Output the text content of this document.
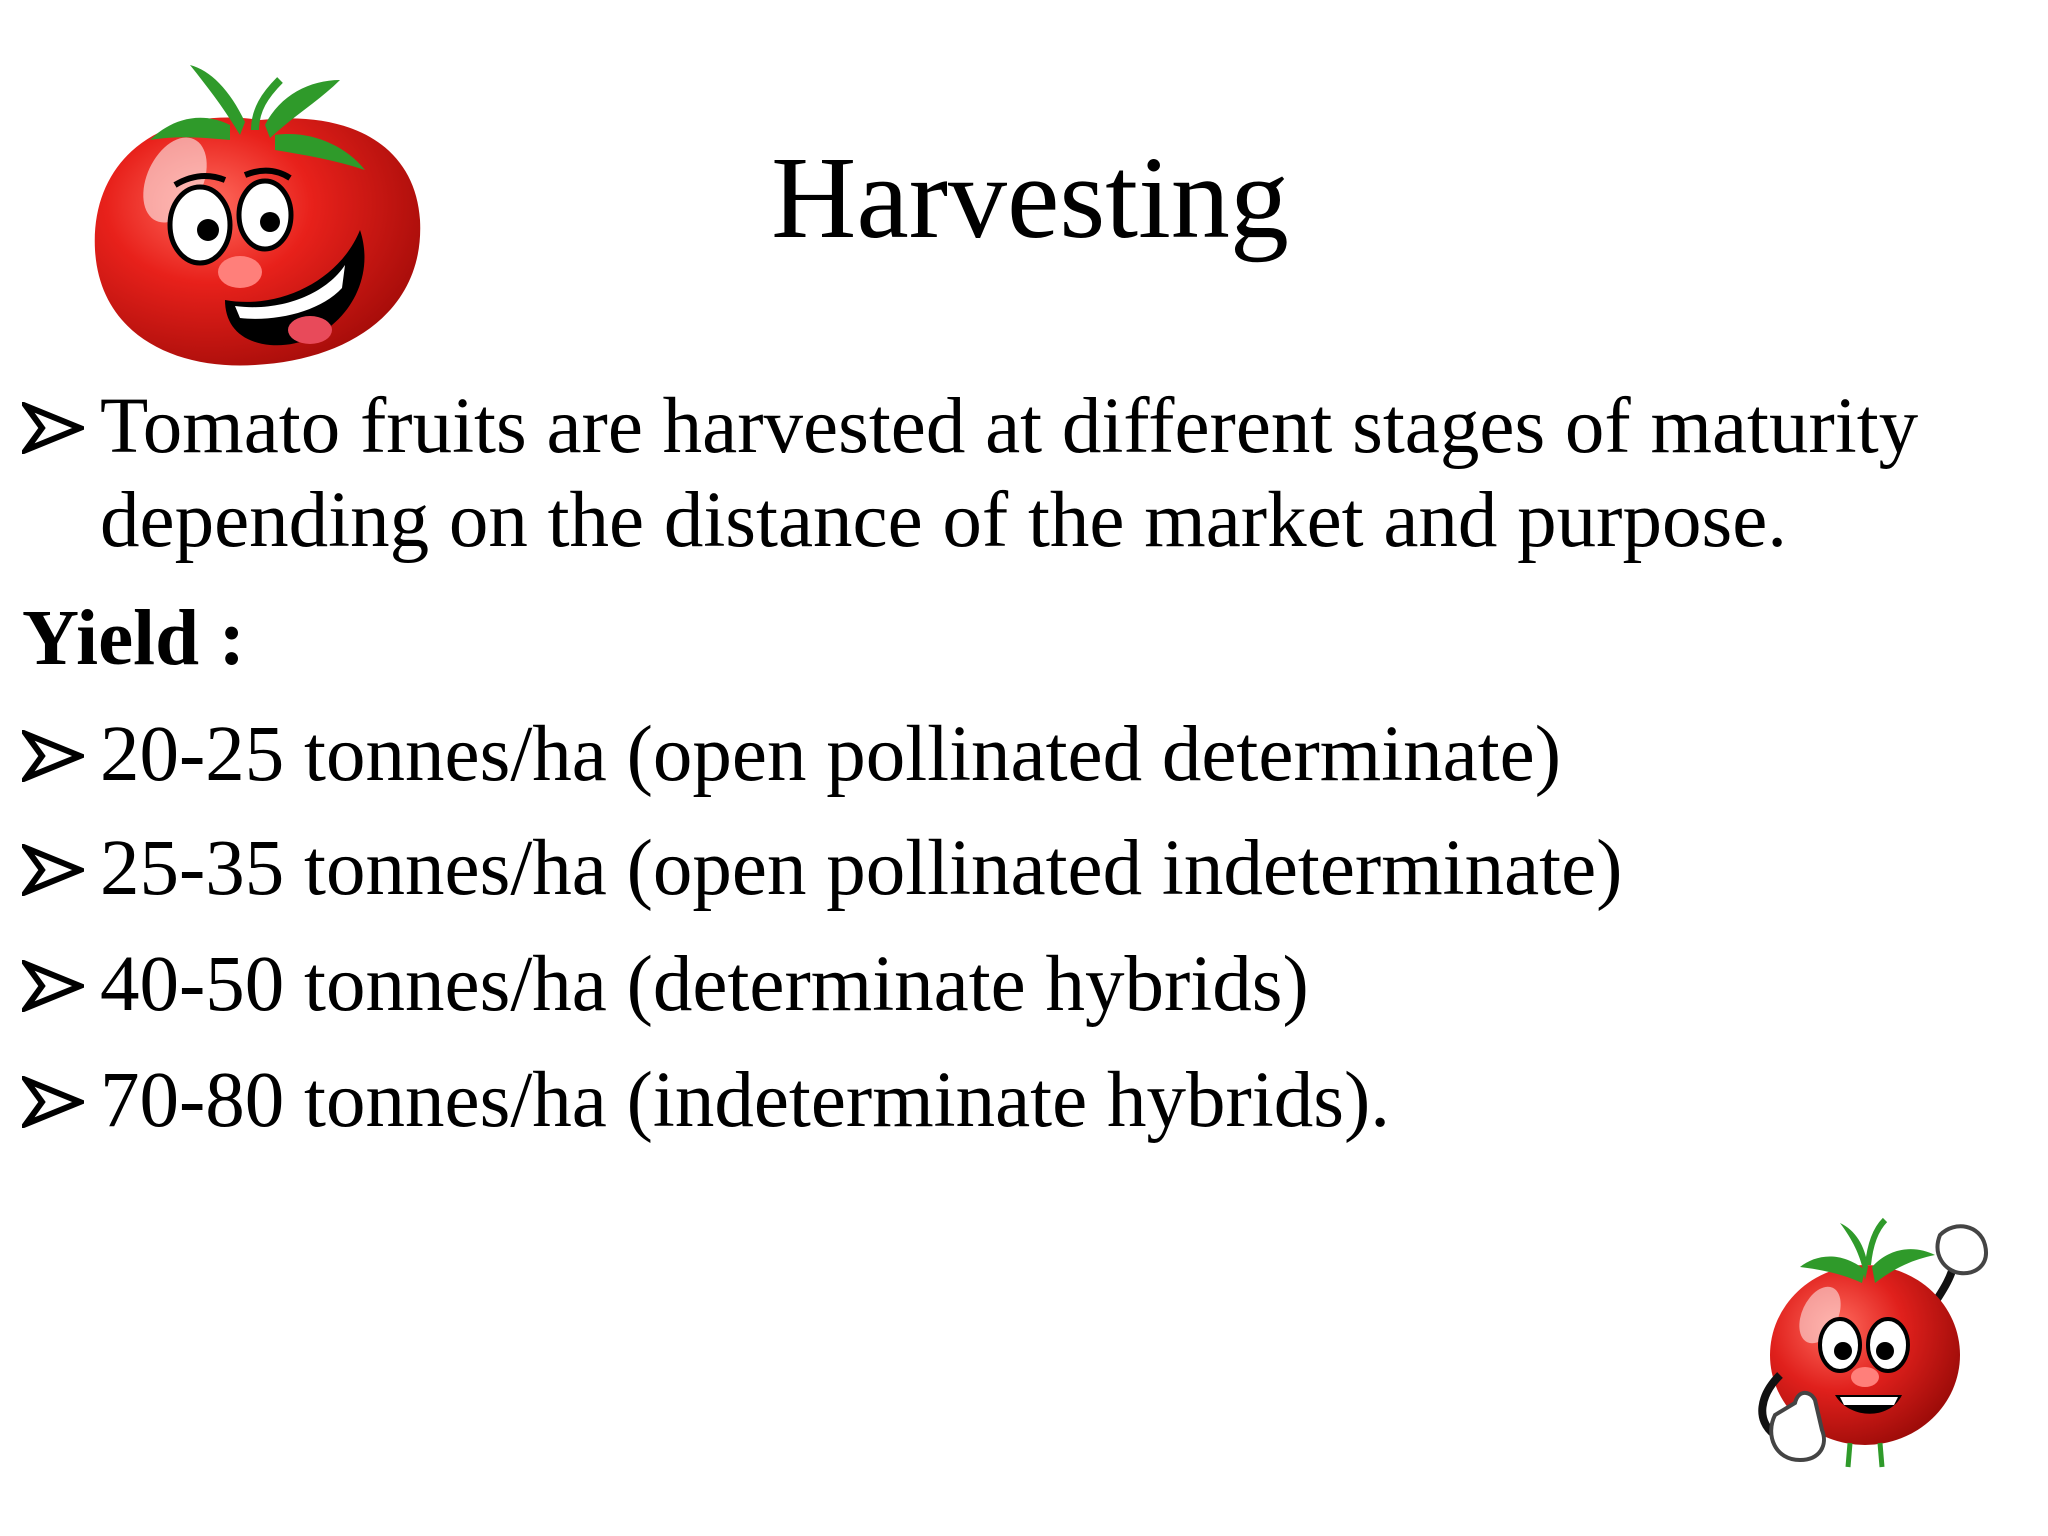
Harvesting
Tomato fruits are harvested at different stages of maturity
depending on the distance of the market and purpose.
Yield :
20-25 tonnes/ha (open pollinated determinate)
25-35 tonnes/ha (open pollinated indeterminate)
40-50 tonnes/ha (determinate hybrids)
70-80 tonnes/ha (indeterminate hybrids).
